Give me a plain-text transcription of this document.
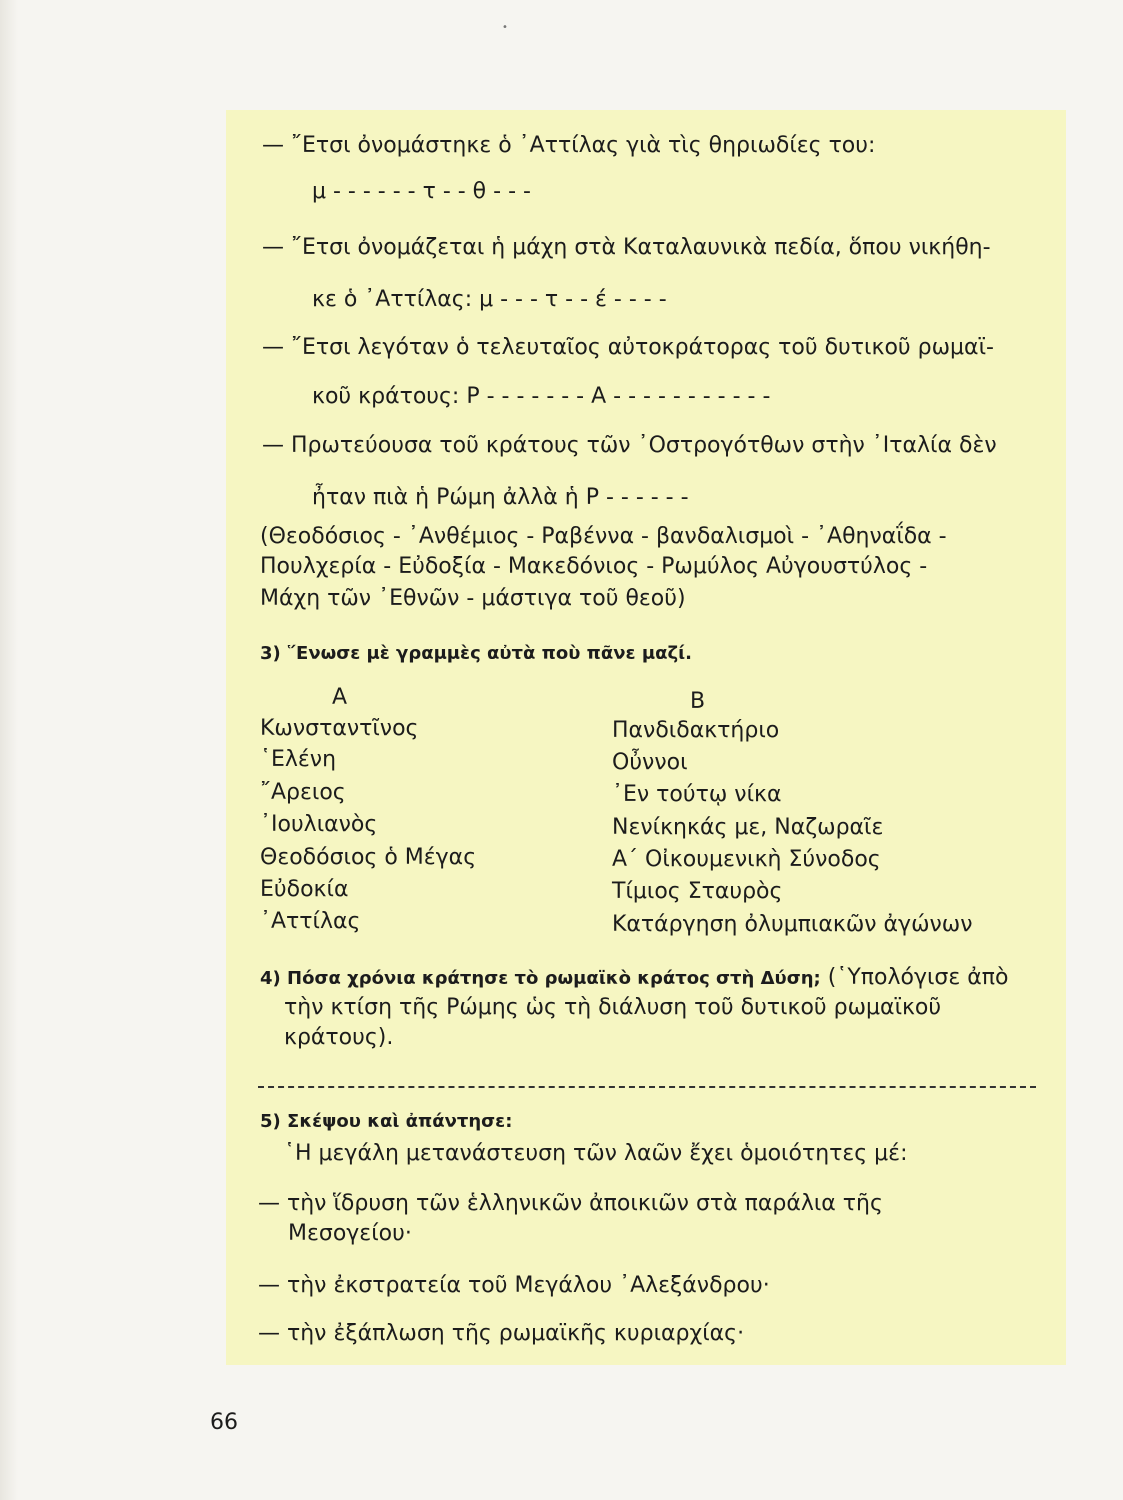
•
— ῎Ετσι ὀνομάστηκε ὁ ᾿Αττίλας γιὰ τὶς θηριωδίες του:
μ - - - - - - τ - - θ - - -
— ῎Ετσι ὀνομάζεται ἡ μάχη στὰ Καταλαυνικὰ πεδία, ὅπου νικήθη-
κε ὁ ᾿Αττίλας: μ - - - τ - - έ - - - -
— ῎Ετσι λεγόταν ὁ τελευταῖος αὐτοκράτορας τοῦ δυτικοῦ ρωμαϊ-
κοῦ κράτους: Ρ - - - - - - - Α - - - - - - - - - - -
— Πρωτεύουσα τοῦ κράτους τῶν ᾿Οστρογότθων στὴν ᾿Ιταλία δὲν
ἦταν πιὰ ἡ Ρώμη ἀλλὰ ἡ Ρ - - - - - -
(Θεοδόσιος - ᾿Ανθέμιος - Ραβέννα - βανδαλισμοὶ - ᾿Αθηναΐδα -
Πουλχερία - Εὐδοξία - Μακεδόνιος - Ρωμύλος Αὐγουστύλος -
Μάχη τῶν ᾿Εθνῶν - μάστιγα τοῦ θεοῦ)
3) ῞Ενωσε μὲ γραμμὲς αὐτὰ ποὺ πᾶνε μαζί.
Α	Β
Κωνσταντῖνος
῾Ελένη
῎Αρειος
᾿Ιουλιανὸς
Θεοδόσιος ὁ Μέγας
Εὐδοκία
᾿Αττίλας
Πανδιδακτήριο
Οὖννοι
᾿Εν τούτῳ νίκα
Νενίκηκάς με, Ναζωραῖε
Α΄ Οἰκουμενικὴ Σύνοδος
Τίμιος Σταυρὸς
Κατάργηση ὀλυμπιακῶν ἀγώνων
4) Πόσα χρόνια κράτησε τὸ ρωμαϊκὸ κράτος στὴ Δύση; (῾Υπολόγισε ἀπὸ
τὴν κτίση τῆς Ρώμης ὡς τὴ διάλυση τοῦ δυτικοῦ ρωμαϊκοῦ
κράτους).
5) Σκέψου καὶ ἀπάντησε:
῾Η μεγάλη μετανάστευση τῶν λαῶν ἔχει ὁμοιότητες μέ:
— τὴν ἵδρυση τῶν ἑλληνικῶν ἀποικιῶν στὰ παράλια τῆς
Μεσογείου·
— τὴν ἐκστρατεία τοῦ Μεγάλου ᾿Αλεξάνδρου·
— τὴν ἐξάπλωση τῆς ρωμαϊκῆς κυριαρχίας·
66
